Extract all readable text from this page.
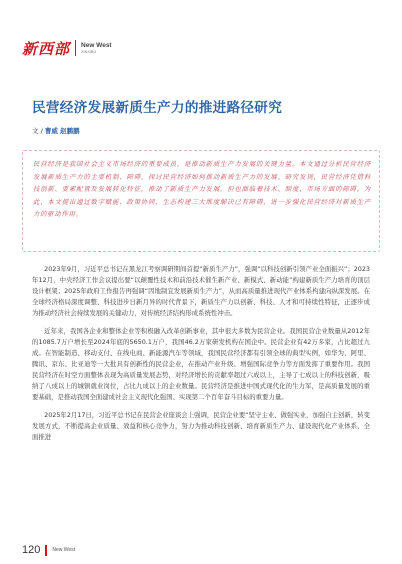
新西部 New West
XINXIBU
民营经济发展新质生产力的推进路径研究
文 / 曹威 赵鹏鹏
民营经济是我国社会主义市场经济的重要成员，是推动新质生产力发展的关键力量。本文通过分析民营经济发展新质生产力的主要机制、障碍，探讨民营经济如何推动新质生产力的发展、研究发现，民营经济凭借科技创新、要素配置及发展转化特征，推动了新质生产力发展，但也面临着技术、制度、市场方面的障碍。为此，本文提出通过数字赋能、政策协同、生态构建三大维度解决已有障碍，进一步强化民营经济对新质生产力的驱动作用。

2023年9月，习近平总书记在黑龙江考察调研期间首提“新质生产力”，强调“以科技创新引领产业全面振兴”；2023年12月，中央经济工作会议提出要“以颠覆性技术和前沿技术催生新产业、新模式、新动能”构建新质生产力培育的顶层设计框架；2025年政府工作报告再强调“因地制宜发展新质生产力”，从而高质量推进现代产业体系构建向纵深发展。在全球经济格局深度调整、科技进步日新月异的时代背景下，新质生产力以创新、科技、人才和可持续性特征，正逐步成为推动经济社会持续发展的关键动力，对传统经济结构形成系统性冲击。

近年来，我国各企业和整体企业等积极融入改革创新事业，其中很大多数为民营企业。我国民营企业数量从2012年的1085.7万户增长至2024年底的5650.1万户，我国46.2万家研发机构在国企中。民营企业有42万多家，占比超过九成。在智能制造、移动支付、在线电商、新能源汽车等领域，我国民营经济都有引领全球的典型实例，如华为、阿里、腾讯、京东、比亚迪等一大批具有创新性的民营企业，在推动产业升级、增强国际竞争力等方面发挥了重要作用。我国民营经济在时空方面整体表现为高质量发展态势，对经济增长的贡献率超过六成以上，主导了七成以上的科技创新，吸纳了八成以上的城镇就业岗位，占比九成以上的企业数量。民营经济是推进中国式现代化的生力军，是高质量发展的重要基础，是推动我国全面建成社会主义现代化强国、实现第二个百年奋斗目标的重要力量。

2025年2月17日，习近平总书记在民营企业座谈会上强调，民营企业要“坚守主业、做强实业，加强自主创新，转变发展方式，不断提高企业质量、效益和核心竞争力，努力为推动科技创新、培育新质生产力、建设现代化产业体系、全面推进

120 New West
